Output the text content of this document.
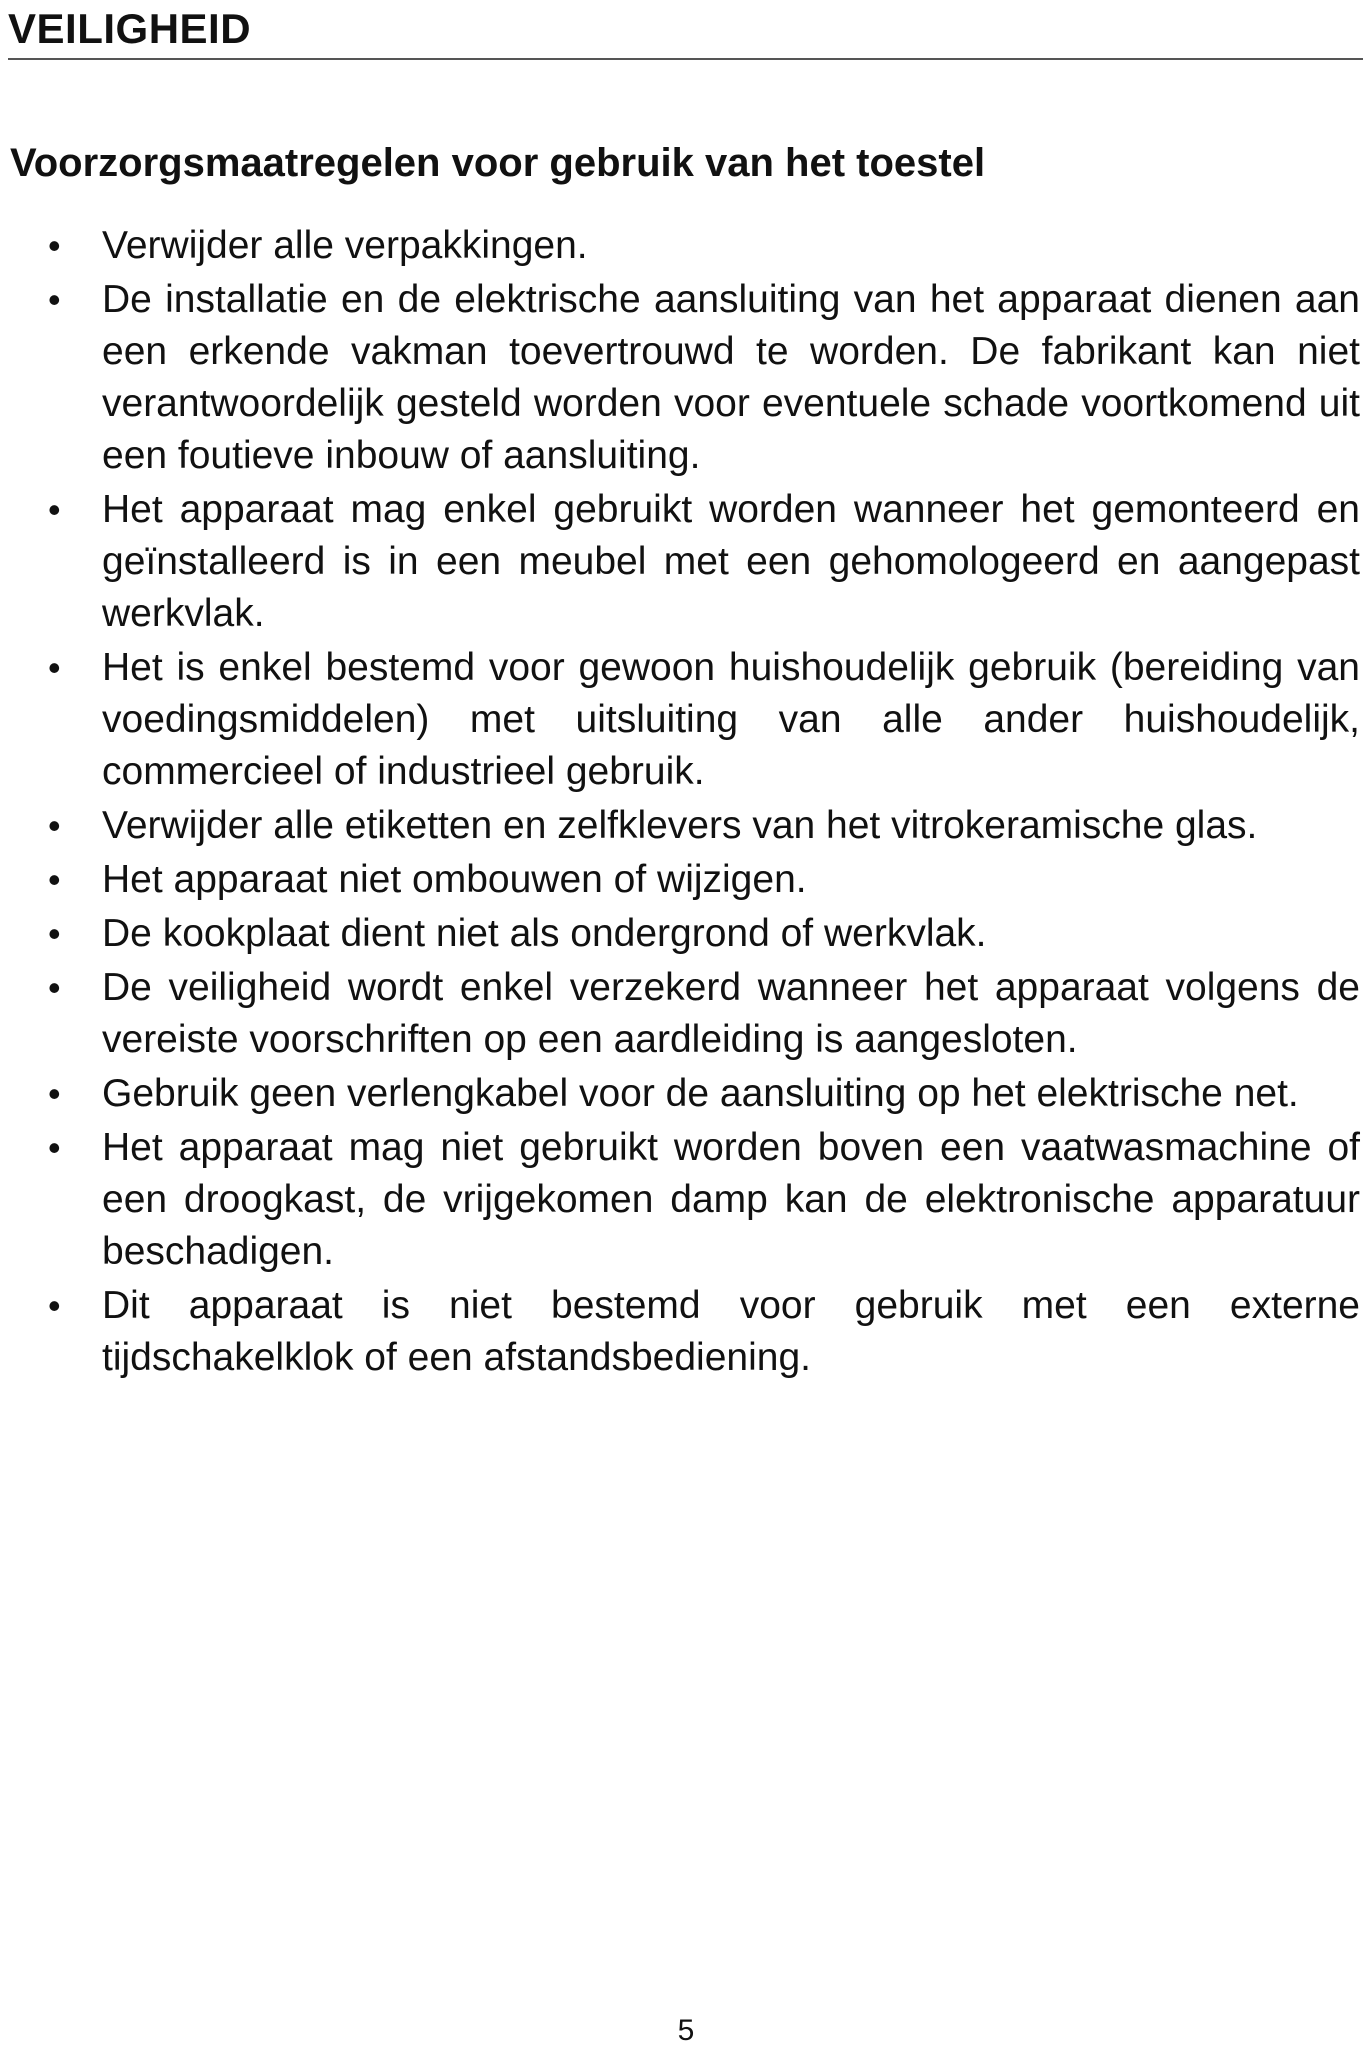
VEILIGHEID
Voorzorgsmaatregelen voor gebruik van het toestel
• Verwijder alle verpakkingen.
• De installatie en de elektrische aansluiting van het apparaat dienen aan een erkende vakman toevertrouwd te worden. De fabrikant kan niet verantwoordelijk gesteld worden voor eventuele schade voortkomend uit een foutieve inbouw of aansluiting.
• Het apparaat mag enkel gebruikt worden wanneer het gemonteerd en geïnstalleerd is in een meubel met een gehomologeerd en aangepast werkvlak.
• Het is enkel bestemd voor gewoon huishoudelijk gebruik (bereiding van voedingsmiddelen) met uitsluiting van alle ander huishoudelijk, commercieel of industrieel gebruik.
• Verwijder alle etiketten en zelfklevers van het vitrokeramische glas.
• Het apparaat niet ombouwen of wijzigen.
• De kookplaat dient niet als ondergrond of werkvlak.
• De veiligheid wordt enkel verzekerd wanneer het apparaat volgens de vereiste voorschriften op een aardleiding is aangesloten.
• Gebruik geen verlengkabel voor de aansluiting op het elektrische net.
• Het apparaat mag niet gebruikt worden boven een vaatwasmachine of een droogkast, de vrijgekomen damp kan de elektronische apparatuur beschadigen.
• Dit apparaat is niet bestemd voor gebruik met een externe tijdschakelklok of een afstandsbediening.
5
